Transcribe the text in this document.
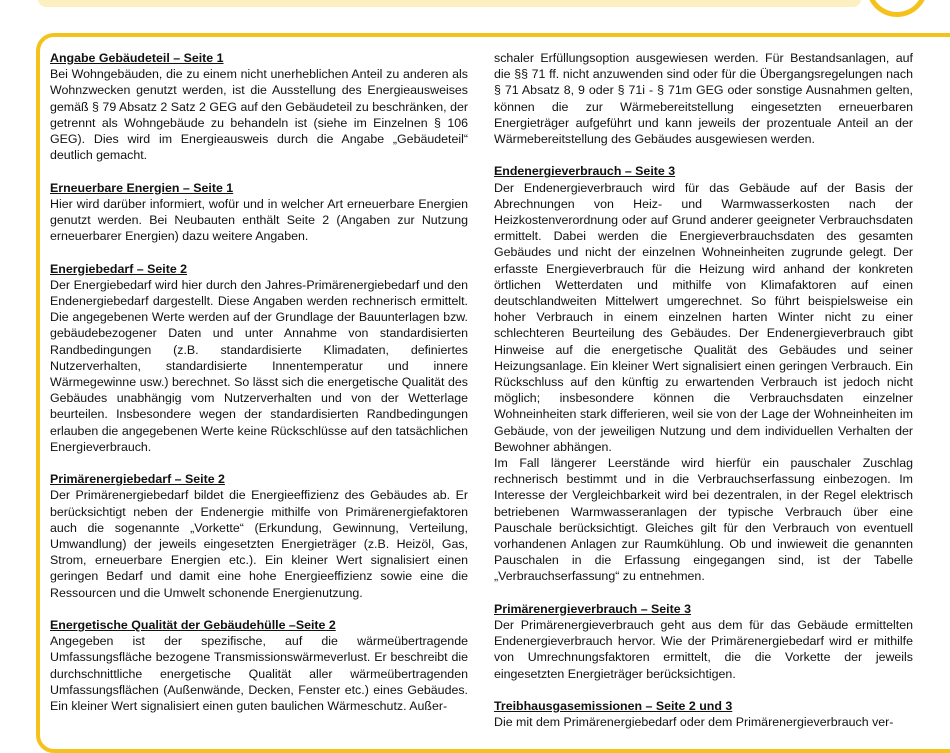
Angabe Gebäudeteil – Seite 1

Bei Wohngebäuden, die zu einem nicht unerheblichen Anteil zu anderen als Wohnzwecken genutzt werden, ist die Ausstellung des Energieausweises gemäß § 79 Absatz 2 Satz 2 GEG auf den Gebäudeteil zu beschränken, der getrennt als Wohngebäude zu behandeln ist (siehe im Einzelnen § 106 GEG). Dies wird im Energieausweis durch die Angabe „Gebäudeteil“ deutlich gemacht.

Erneuerbare Energien – Seite 1

Hier wird darüber informiert, wofür und in welcher Art erneuerbare Energien genutzt werden. Bei Neubauten enthält Seite 2 (Angaben zur Nutzung erneuerbarer Energien) dazu weitere Angaben.

Energiebedarf – Seite 2

Der Energiebedarf wird hier durch den Jahres-Primärenergiebedarf und den Endenergiebedarf dargestellt. Diese Angaben werden rechnerisch ermittelt. Die angegebenen Werte werden auf der Grundlage der Bauunterlagen bzw. gebäudebezogener Daten und unter Annahme von standardisierten Randbedingungen (z.B. standardisierte Klimadaten, definiertes Nutzerverhalten, standardisierte Innentemperatur und innere Wärmegewinne usw.) berechnet. So lässt sich die energetische Qualität des Gebäudes unabhängig vom Nutzerverhalten und von der Wetterlage beurteilen. Insbesondere wegen der standardisierten Randbedingungen erlauben die angegebenen Werte keine Rückschlüsse auf den tatsächlichen Energieverbrauch.

Primärenergiebedarf – Seite 2

Der Primärenergiebedarf bildet die Energieeffizienz des Gebäudes ab. Er berücksichtigt neben der Endenergie mithilfe von Primärenergiefaktoren auch die sogenannte „Vorkette“ (Erkundung, Gewinnung, Verteilung, Umwandlung) der jeweils eingesetzten Energieträger (z.B. Heizöl, Gas, Strom, erneuerbare Energien etc.). Ein kleiner Wert signalisiert einen geringen Bedarf und damit eine hohe Energieeffizienz sowie eine die Ressourcen und die Umwelt schonende Energienutzung.

Energetische Qualität der Gebäudehülle –Seite 2

Angegeben ist der spezifische, auf die wärmeübertragende Umfassungsfläche bezogene Transmissionswärmeverlust. Er beschreibt die durchschnittliche energetische Qualität aller wärmeübertragenden Umfassungsflächen (Außenwände, Decken, Fenster etc.) eines Gebäudes. Ein kleiner Wert signalisiert einen guten baulichen Wärmeschutz. Außer-

schaler Erfüllungsoption ausgewiesen werden. Für Bestandsanlagen, auf die §§ 71 ff. nicht anzuwenden sind oder für die Übergangsregelungen nach § 71 Absatz 8, 9 oder § 71i - § 71m GEG oder sonstige Ausnahmen gelten, können die zur Wärmebereitstellung eingesetzten erneuerbaren Energieträger aufgeführt und kann jeweils der prozentuale Anteil an der Wärmebereitstellung des Gebäudes ausgewiesen werden.

Endenergieverbrauch – Seite 3

Der Endenergieverbrauch wird für das Gebäude auf der Basis der Abrechnungen von Heiz- und Warmwasserkosten nach der Heizkostenverordnung oder auf Grund anderer geeigneter Verbrauchsdaten ermittelt. Dabei werden die Energieverbrauchsdaten des gesamten Gebäudes und nicht der einzelnen Wohneinheiten zugrunde gelegt. Der erfasste Energieverbrauch für die Heizung wird anhand der konkreten örtlichen Wetterdaten und mithilfe von Klimafaktoren auf einen deutschlandweiten Mittelwert umgerechnet. So führt beispielsweise ein hoher Verbrauch in einem einzelnen harten Winter nicht zu einer schlechteren Beurteilung des Gebäudes. Der Endenergieverbrauch gibt Hinweise auf die energetische Qualität des Gebäudes und seiner Heizungsanlage. Ein kleiner Wert signalisiert einen geringen Verbrauch. Ein Rückschluss auf den künftig zu erwartenden Verbrauch ist jedoch nicht möglich; insbesondere können die Verbrauchsdaten einzelner Wohneinheiten stark differieren, weil sie von der Lage der Wohneinheiten im Gebäude, von der jeweiligen Nutzung und dem individuellen Verhalten der Bewohner abhängen.

Im Fall längerer Leerstände wird hierfür ein pauschaler Zuschlag rechnerisch bestimmt und in die Verbrauchserfassung einbezogen. Im Interesse der Vergleichbarkeit wird bei dezentralen, in der Regel elektrisch betriebenen Warmwasseranlagen der typische Verbrauch über eine Pauschale berücksichtigt. Gleiches gilt für den Verbrauch von eventuell vorhandenen Anlagen zur Raumkühlung. Ob und inwieweit die genannten Pauschalen in die Erfassung eingegangen sind, ist der Tabelle „Verbrauchserfassung“ zu entnehmen.

Primärenergieverbrauch – Seite 3

Der Primärenergieverbrauch geht aus dem für das Gebäude ermittelten Endenergieverbrauch hervor. Wie der Primärenergiebedarf wird er mithilfe von Umrechnungsfaktoren ermittelt, die die Vorkette der jeweils eingesetzten Energieträger berücksichtigen.

Treibhausgasemissionen – Seite 2 und 3

Die mit dem Primärenergiebedarf oder dem Primärenergieverbrauch ver-
